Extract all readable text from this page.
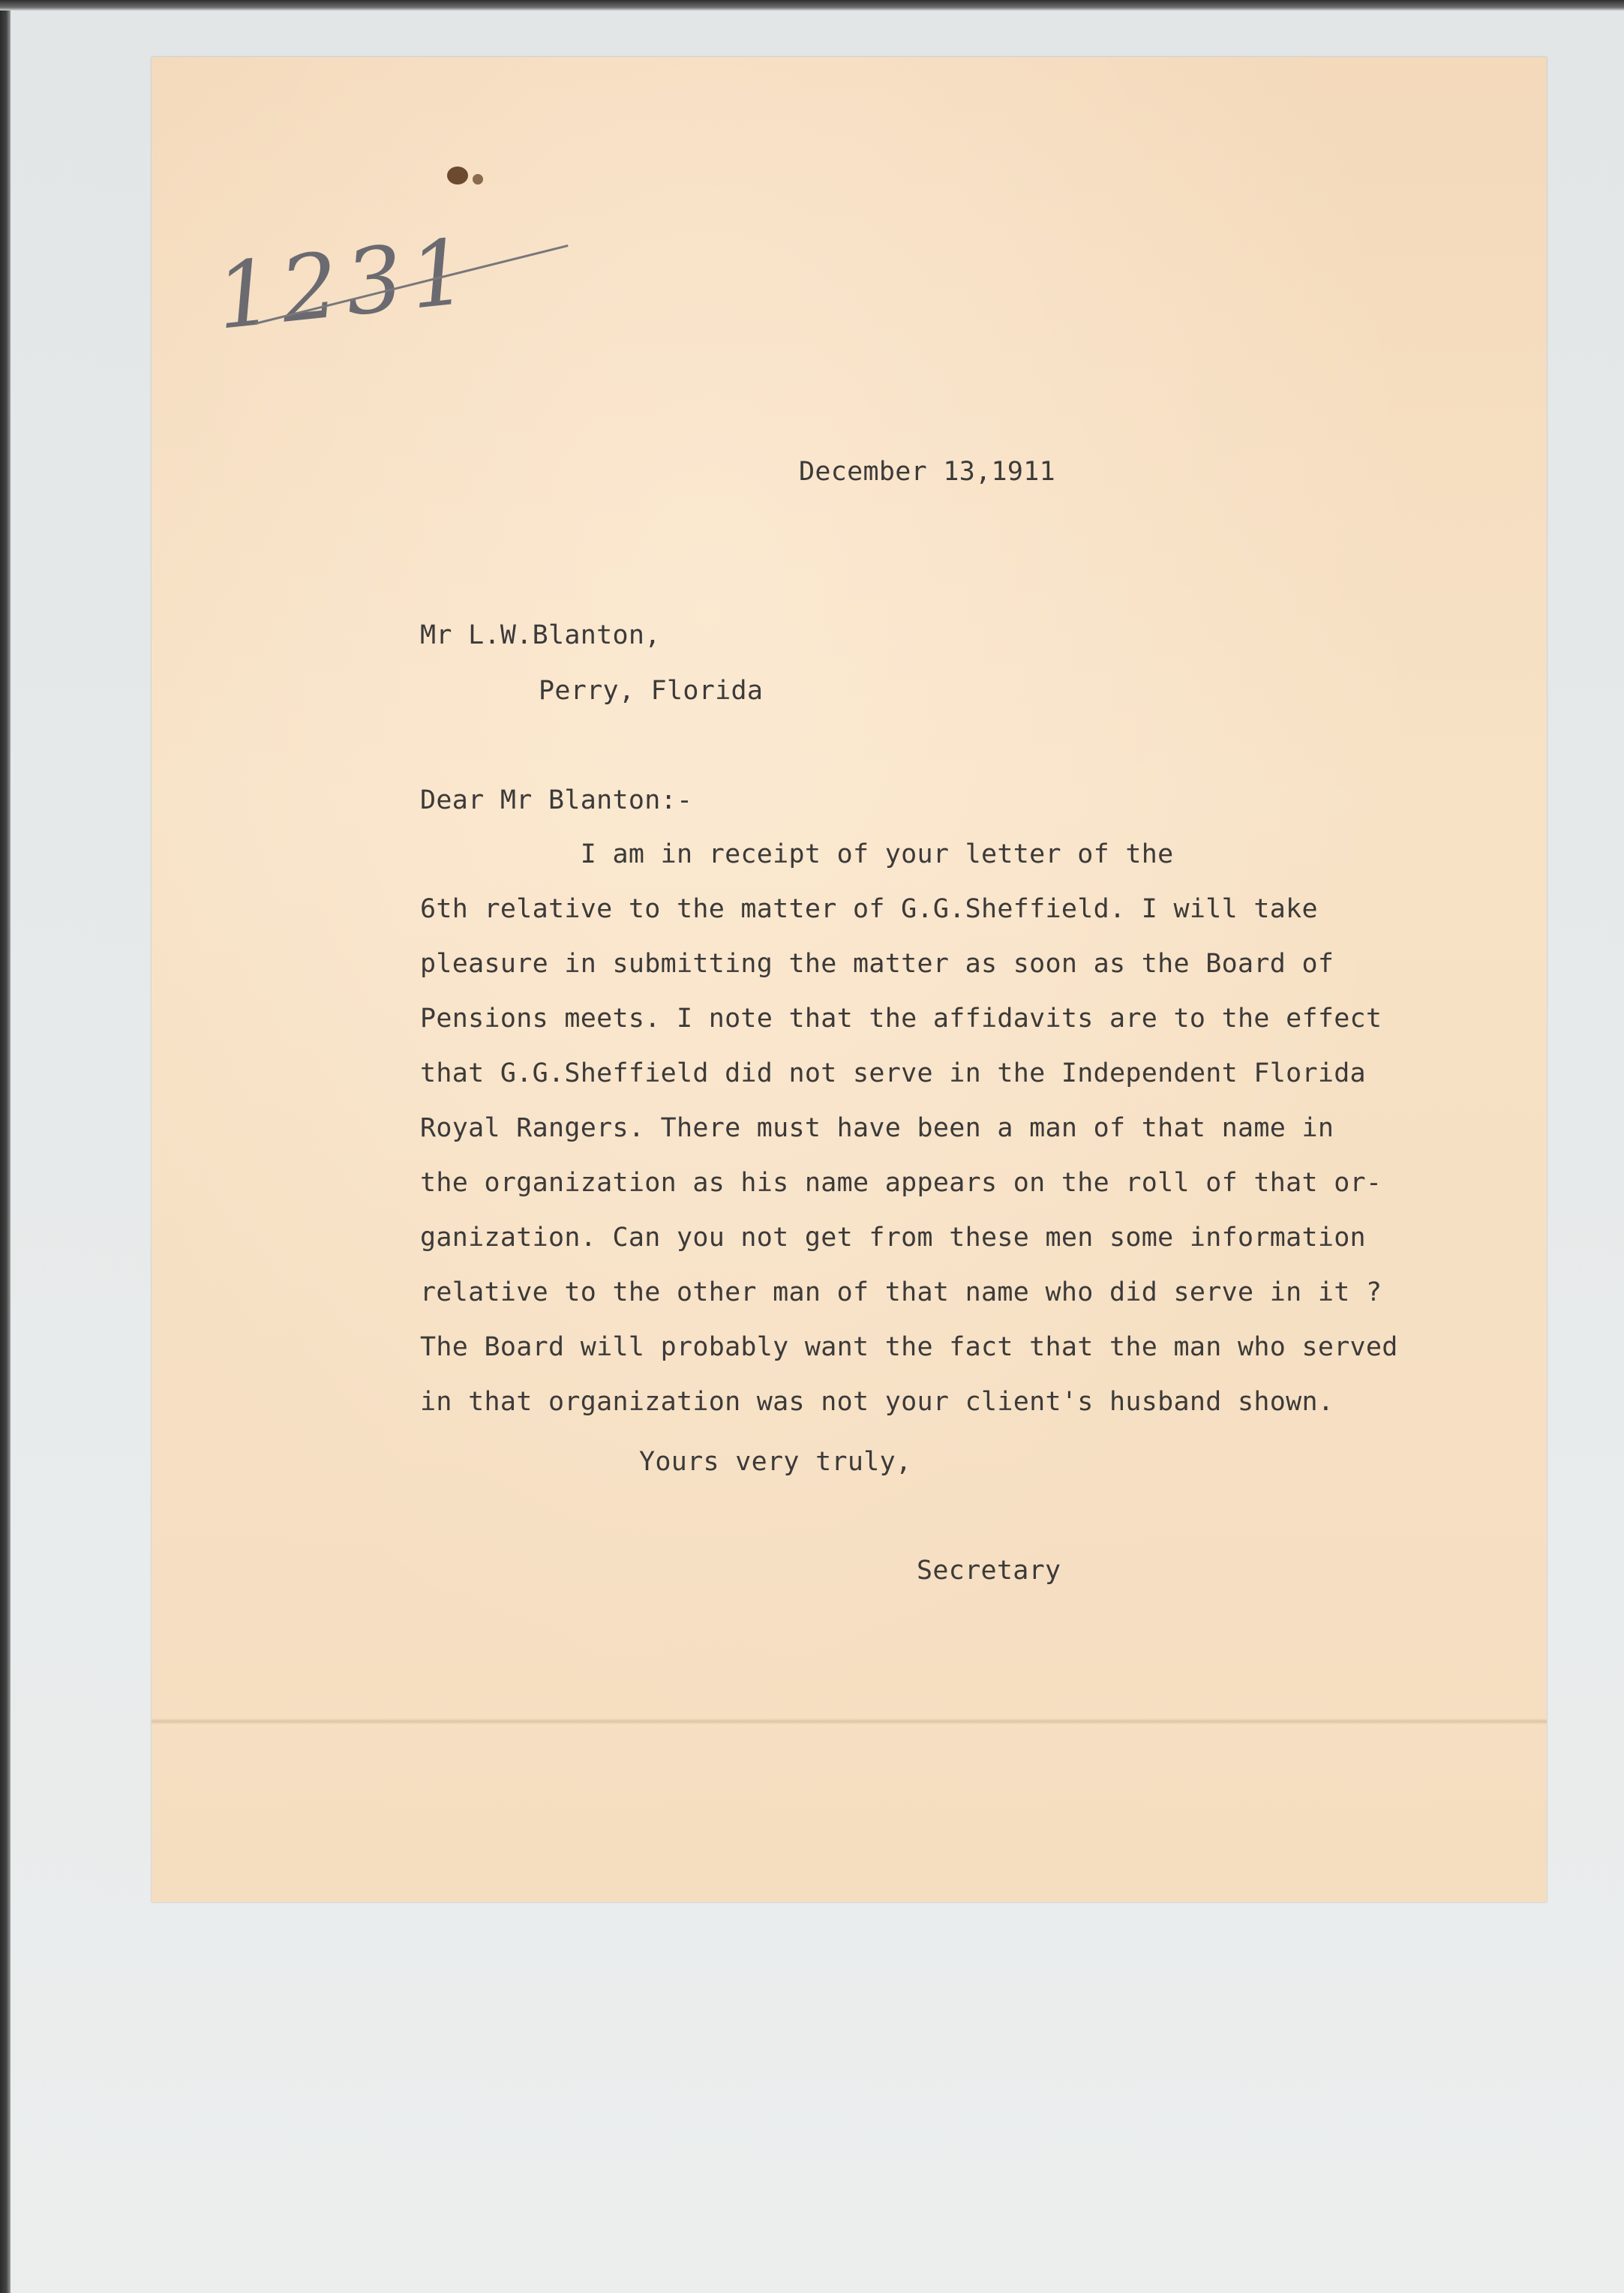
1231
December 13,1911
Mr L.W.Blanton,
Perry, Florida
Dear Mr Blanton:-
I am in receipt of your letter of the
6th relative to the matter of G.G.Sheffield. I will take
pleasure in submitting the matter as soon as the Board of
Pensions meets. I note that the affidavits are to the effect
that G.G.Sheffield did not serve in the Independent Florida
Royal Rangers. There must have been a man of that name in
the organization as his name appears on the roll of that or-
ganization. Can you not get from these men some information
relative to the other man of that name who did serve in it ?
The Board will probably want the fact that the man who served
in that organization was not your client's husband shown.
Yours very truly,
Secretary
